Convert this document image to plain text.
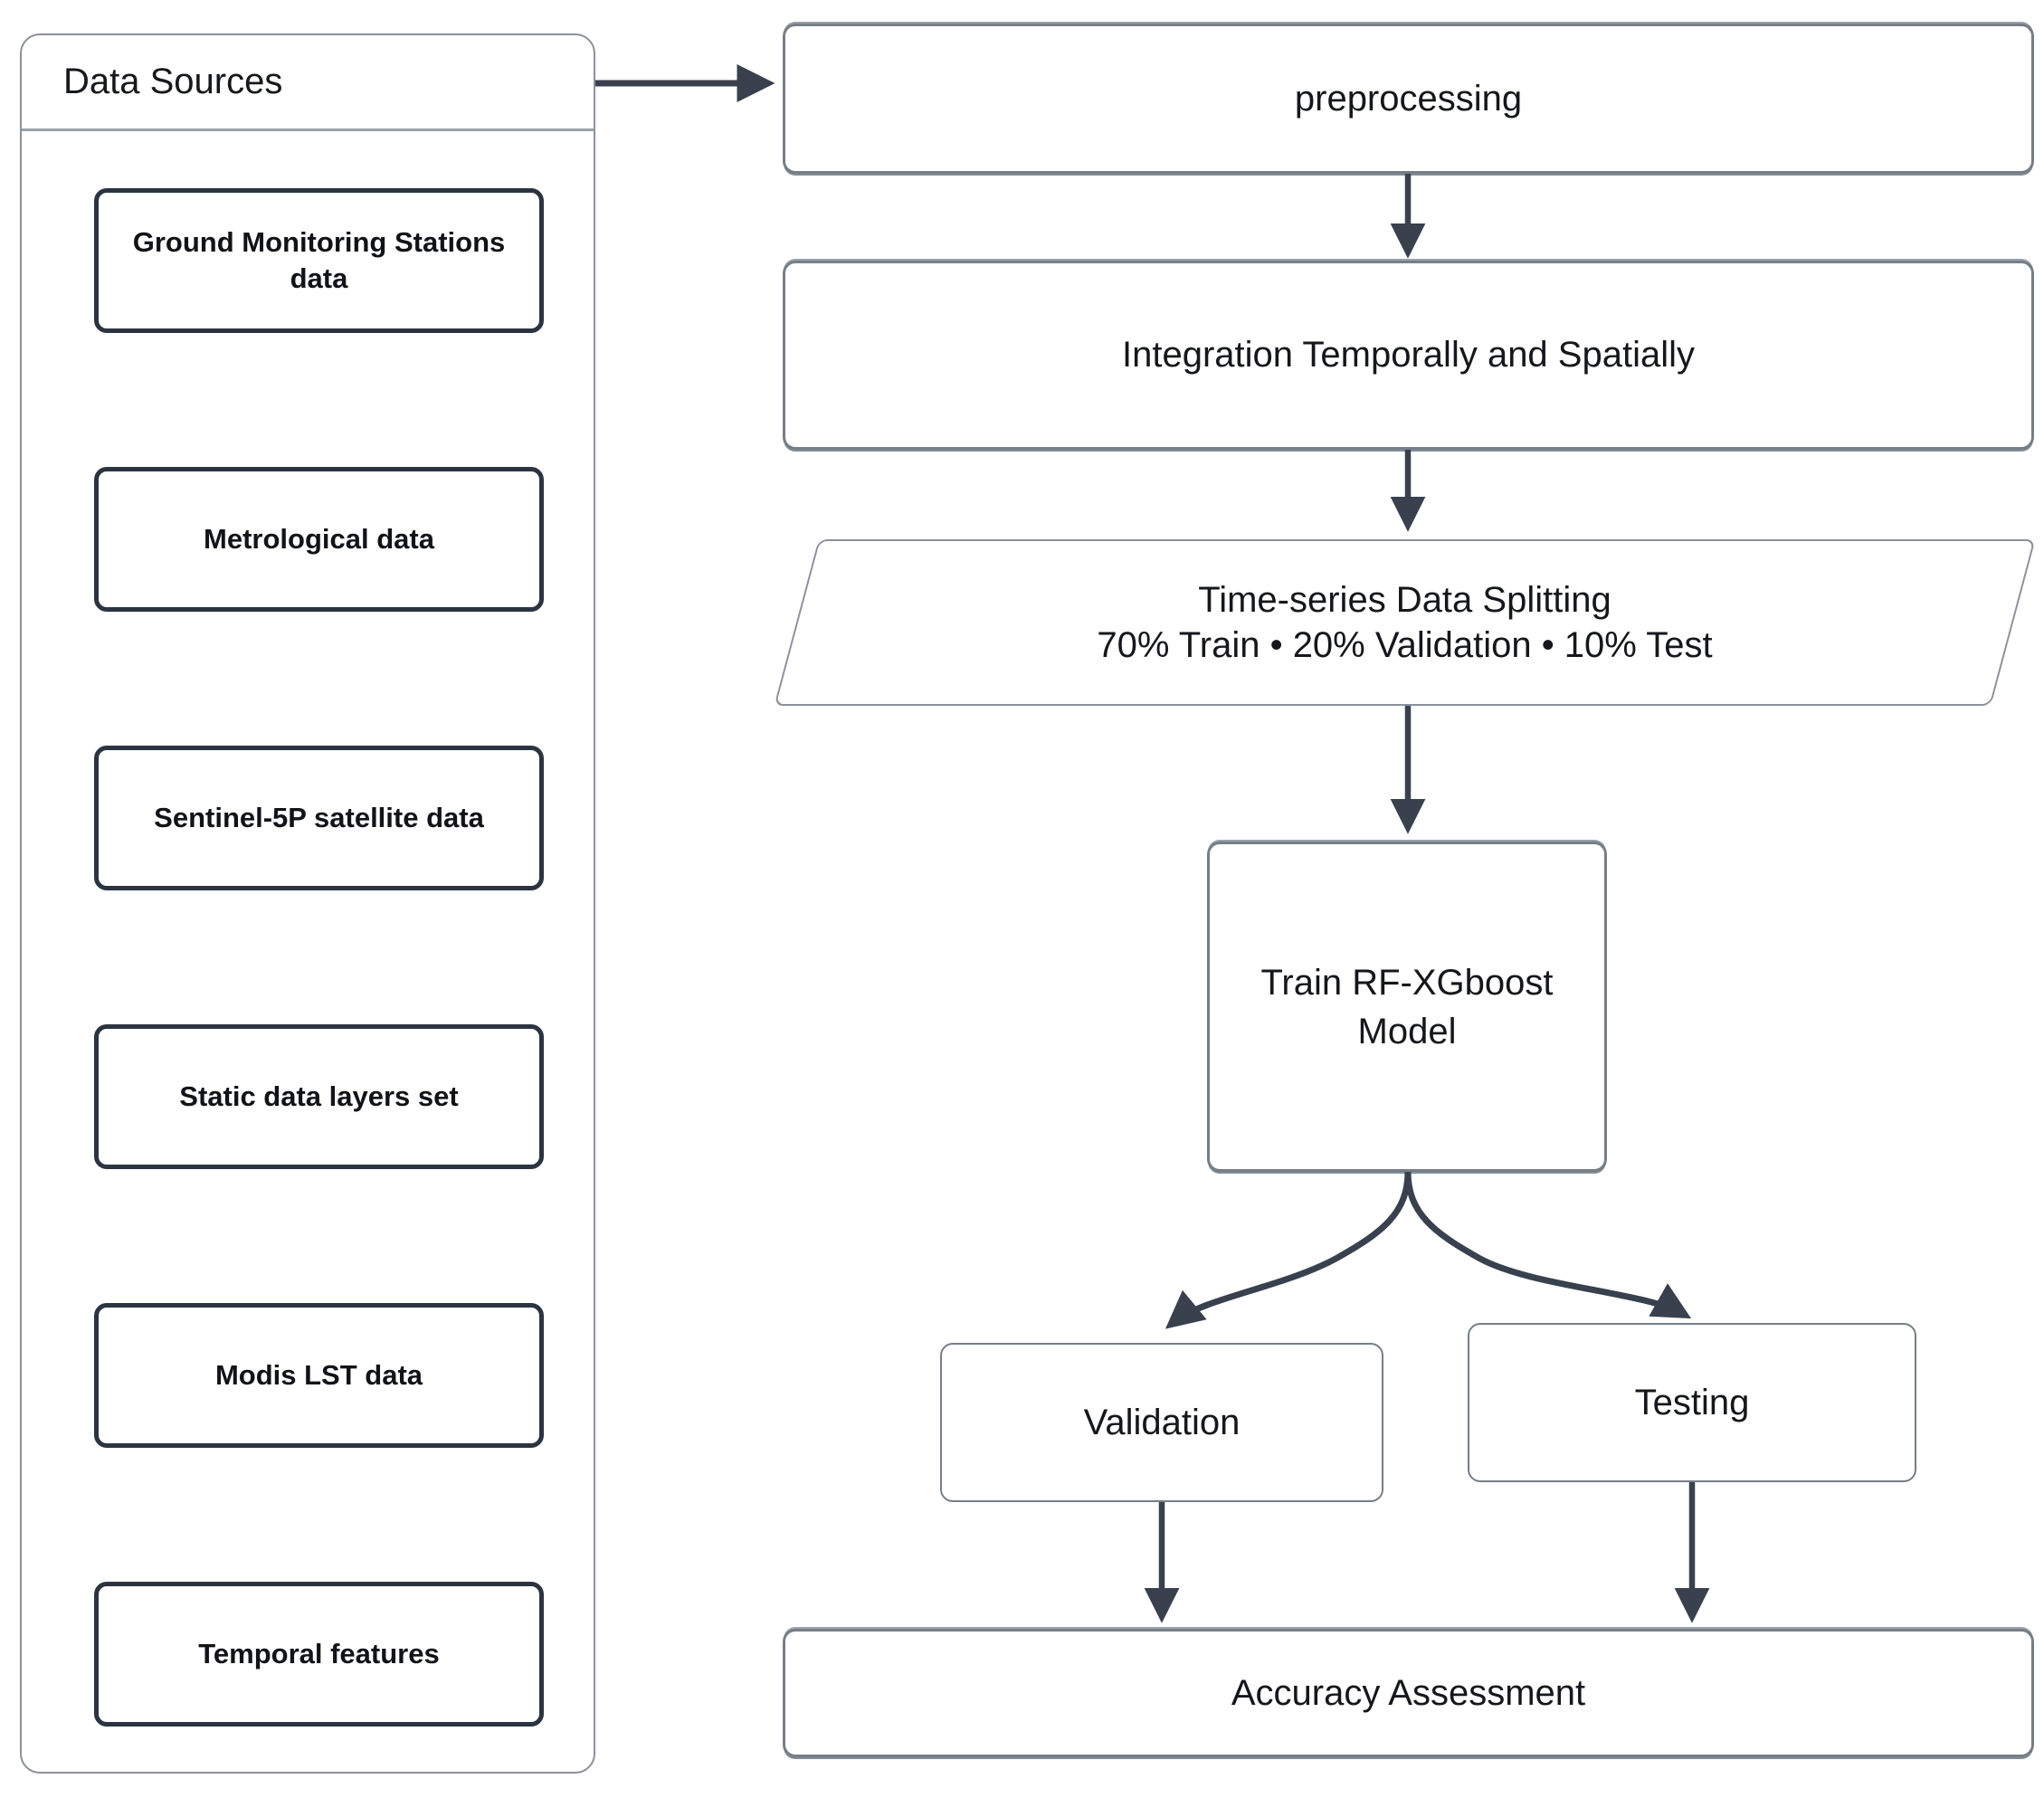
Data Sources
Ground Monitoring Stations data
Metrological data
Sentinel-5P satellite data
Static data layers set
Modis LST data
Temporal features
preprocessing
Integration Temporally and Spatially
Time-series Data Splitting
70% Train • 20% Validation • 10% Test
Train RF-XGboost Model
Validation	Testing
Accuracy Assessment
